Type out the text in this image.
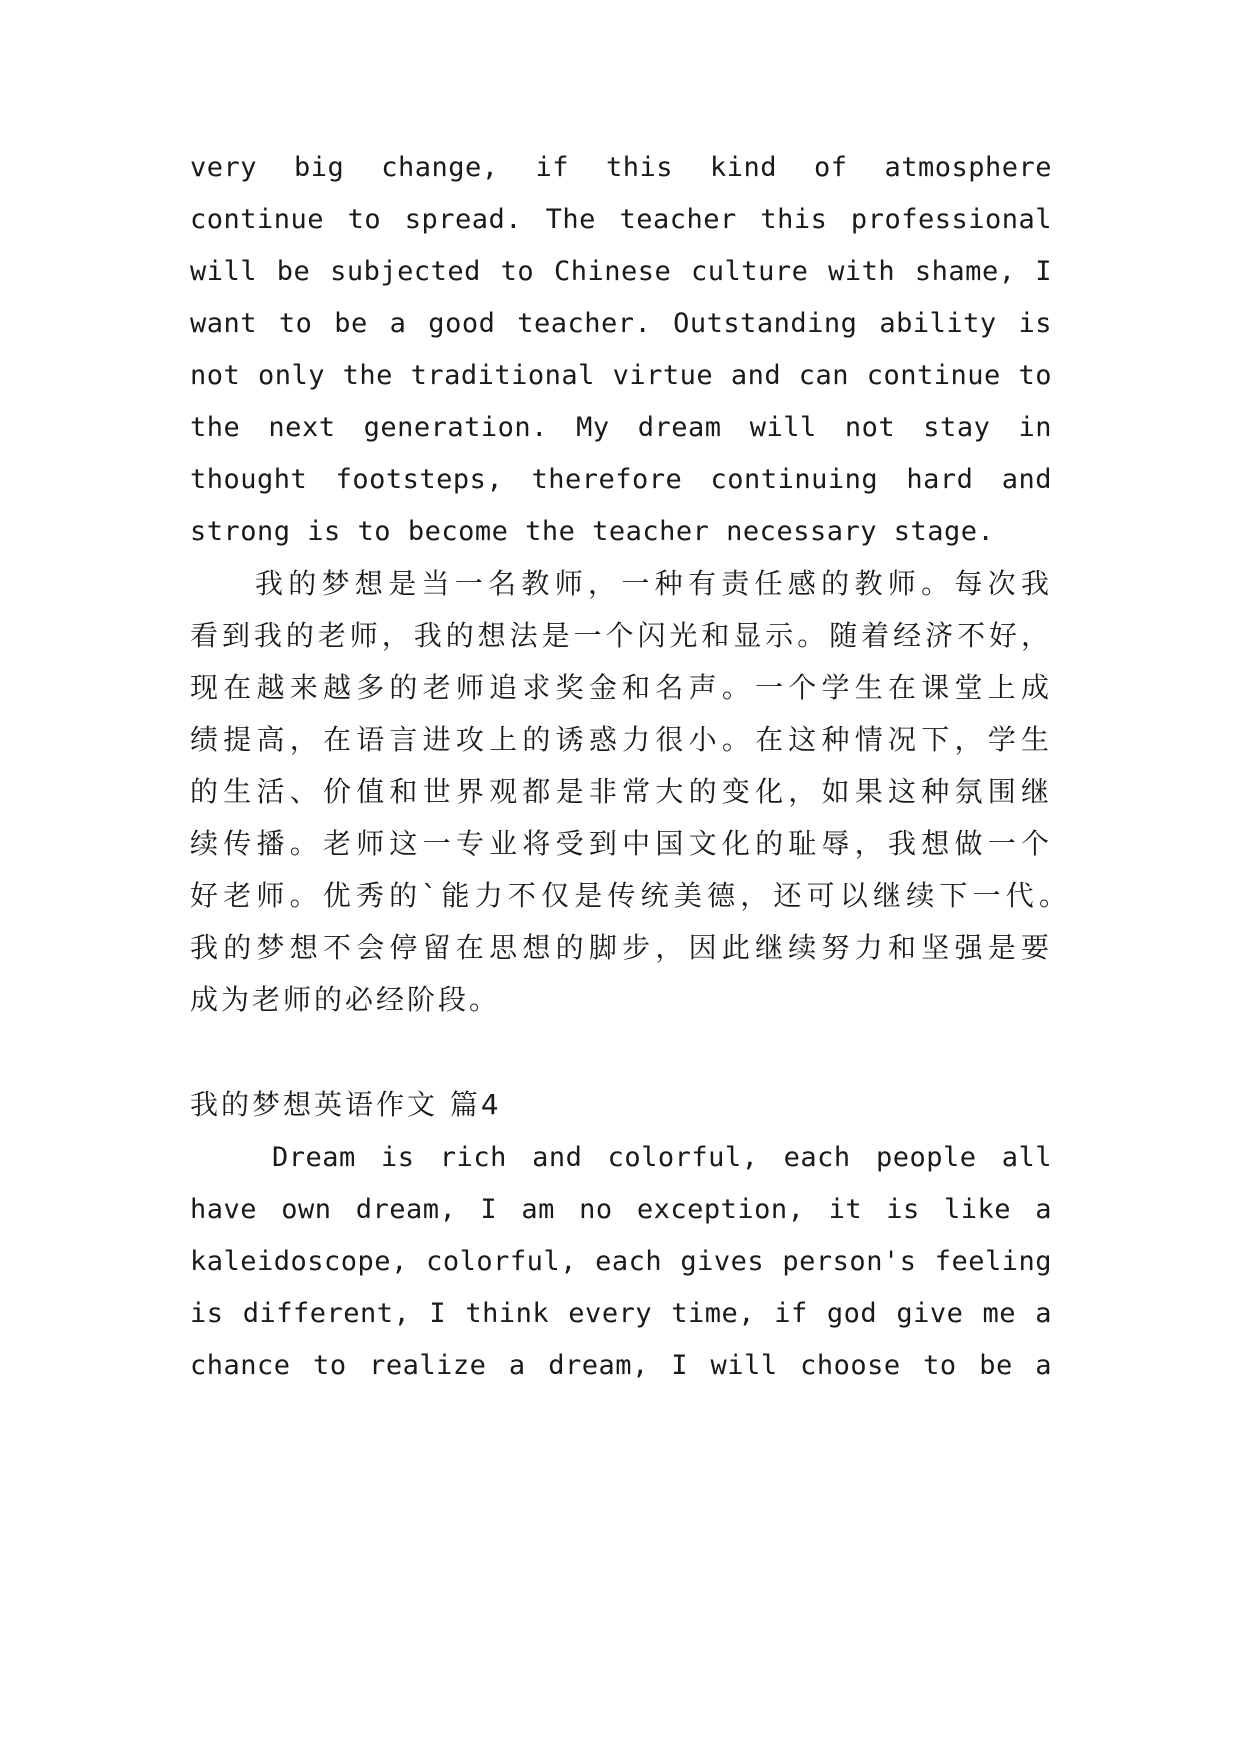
very big change, if this kind of atmosphere
continue to spread. The teacher this professional
will be subjected to Chinese culture with shame, I
want to be a good teacher. Outstanding ability is
not only the traditional virtue and can continue to
the next generation. My dream will not stay in
thought footsteps, therefore continuing hard and
strong is to become the teacher necessary stage.
我的梦想是当一名教师，一种有责任感的教师。每次我
看到我的老师，我的想法是一个闪光和显示。随着经济不好，
现在越来越多的老师追求奖金和名声。一个学生在课堂上成
绩提高，在语言进攻上的诱惑力很小。在这种情况下，学生
的生活、价值和世界观都是非常大的变化，如果这种氛围继
续传播。老师这一专业将受到中国文化的耻辱，我想做一个
好老师。优秀的`能力不仅是传统美德，还可以继续下一代。
我的梦想不会停留在思想的脚步，因此继续努力和坚强是要
成为老师的必经阶段。
我的梦想英语作文 篇4
Dream is rich and colorful, each people all
have own dream, I am no exception, it is like a
kaleidoscope, colorful, each gives person's feeling
is different, I think every time, if god give me a
chance to realize a dream, I will choose to be a
